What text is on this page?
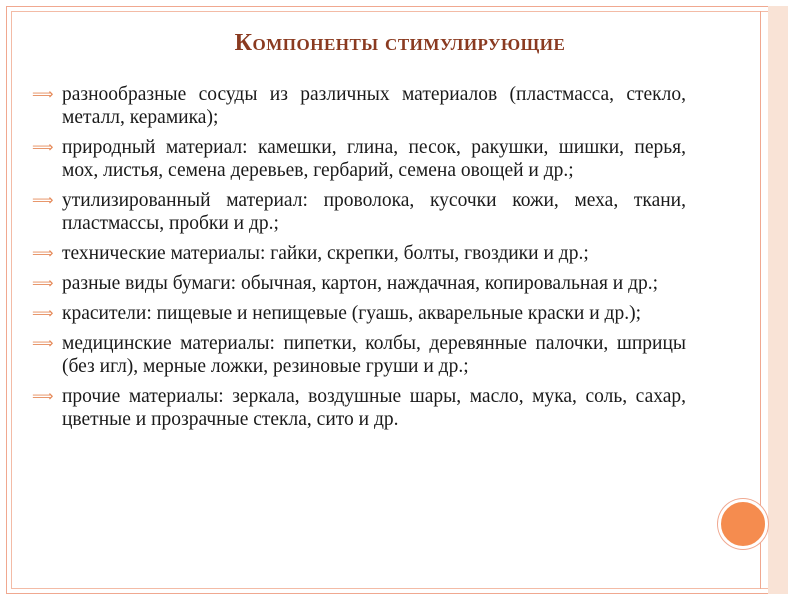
Компоненты стимулирующие
⟹ разнообразные сосуды из различных материалов (пластмасса, стекло, металл, керамика);
⟹ природный материал: камешки, глина, песок, ракушки, шишки, перья, мох, листья, семена деревьев, гербарий, семена овощей и др.;
⟹ утилизированный материал: проволока, кусочки кожи, меха, ткани, пластмассы, пробки и др.;
⟹ технические материалы: гайки, скрепки, болты, гвоздики и др.;
⟹ разные виды бумаги: обычная, картон, наждачная, копировальная и др.;
⟹ красители: пищевые и непищевые (гуашь, акварельные краски и др.);
⟹ медицинские материалы: пипетки, колбы, деревянные палочки, шприцы (без игл), мерные ложки, резиновые груши и др.;
⟹ прочие материалы: зеркала, воздушные шары, масло, мука, соль, сахар, цветные и прозрачные стекла, сито и др.
